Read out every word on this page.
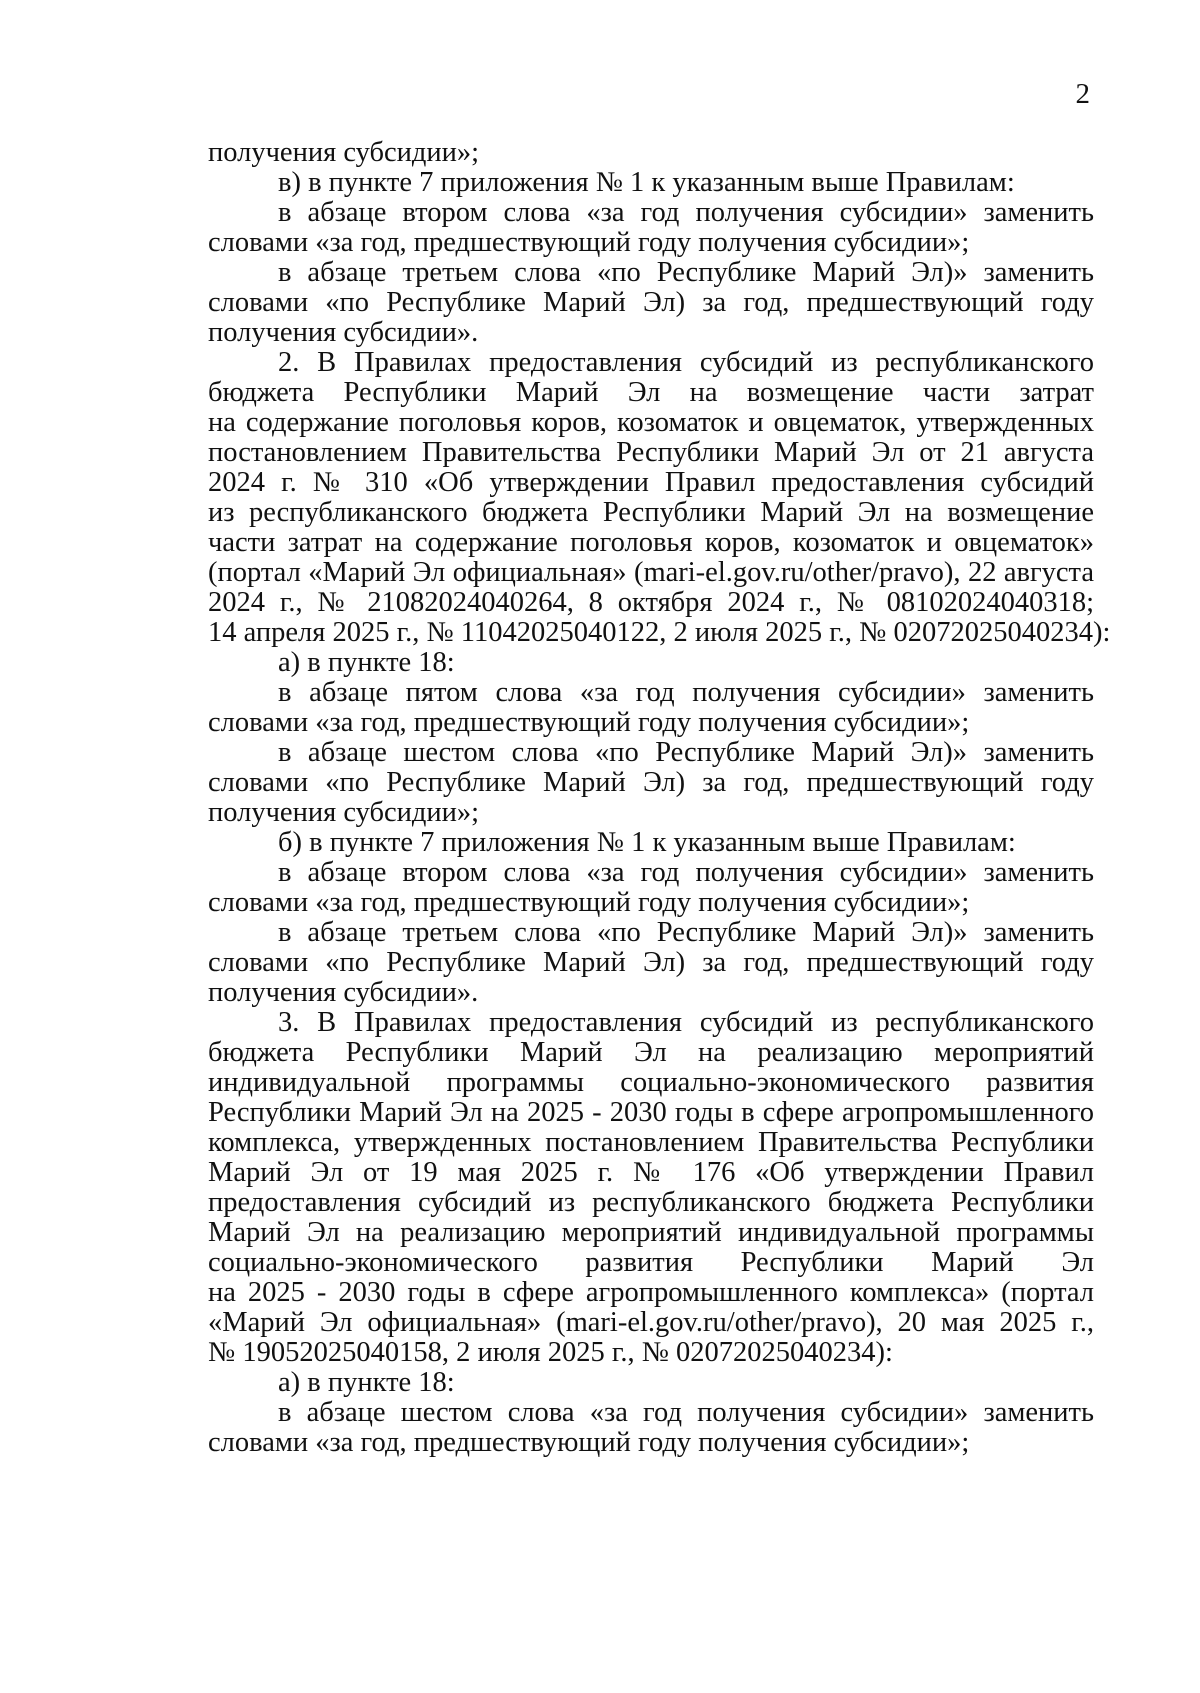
2
получения субсидии»;
в) в пункте 7 приложения № 1 к указанным выше Правилам:
в абзаце втором слова «за год получения субсидии» заменить
словами «за год, предшествующий году получения субсидии»;
в абзаце третьем слова «по Республике Марий Эл)» заменить
словами «по Республике Марий Эл) за год, предшествующий году
получения субсидии».
2. В Правилах предоставления субсидий из республиканского
бюджета Республики Марий Эл на возмещение части затрат
на содержание поголовья коров, козоматок и овцематок, утвержденных
постановлением Правительства Республики Марий Эл от 21 августа
2024 г. № 310 «Об утверждении Правил предоставления субсидий
из республиканского бюджета Республики Марий Эл на возмещение
части затрат на содержание поголовья коров, козоматок и овцематок»
(портал «Марий Эл официальная» (mari-el.gov.ru/other/pravo), 22 августа
2024 г., № 21082024040264, 8 октября 2024 г., № 08102024040318;
14 апреля 2025 г., № 11042025040122, 2 июля 2025 г., № 02072025040234):
а) в пункте 18:
в абзаце пятом слова «за год получения субсидии» заменить
словами «за год, предшествующий году получения субсидии»;
в абзаце шестом слова «по Республике Марий Эл)» заменить
словами «по Республике Марий Эл) за год, предшествующий году
получения субсидии»;
б) в пункте 7 приложения № 1 к указанным выше Правилам:
в абзаце втором слова «за год получения субсидии» заменить
словами «за год, предшествующий году получения субсидии»;
в абзаце третьем слова «по Республике Марий Эл)» заменить
словами «по Республике Марий Эл) за год, предшествующий году
получения субсидии».
3. В Правилах предоставления субсидий из республиканского
бюджета Республики Марий Эл на реализацию мероприятий
индивидуальной программы социально-экономического развития
Республики Марий Эл на 2025 - 2030 годы в сфере агропромышленного
комплекса, утвержденных постановлением Правительства Республики
Марий Эл от 19 мая 2025 г. № 176 «Об утверждении Правил
предоставления субсидий из республиканского бюджета Республики
Марий Эл на реализацию мероприятий индивидуальной программы
социально-экономического развития Республики Марий Эл
на 2025 - 2030 годы в сфере агропромышленного комплекса» (портал
«Марий Эл официальная» (mari-el.gov.ru/other/pravo), 20 мая 2025 г.,
№ 19052025040158, 2 июля 2025 г., № 02072025040234):
а) в пункте 18:
в абзаце шестом слова «за год получения субсидии» заменить
словами «за год, предшествующий году получения субсидии»;
